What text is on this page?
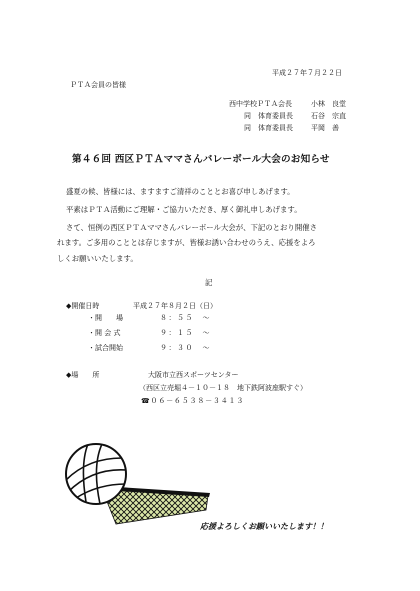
平成２７年７月２２日
ＰＴＡ会員の皆様
西中学校ＰＴＡ会長	小林　良堂
同　体育委員長	石谷　宗直
同　体育委員長	平岡　善
第４６回 西区ＰＴＡママさんバレーボール大会のお知らせ
盛夏の候、皆様には、ますますご清祥のこととお喜び申しあげます。
平素はＰＴＡ活動にご理解・ご協力いただき、厚く御礼申しあげます。
さて、恒例の西区ＰＴＡママさんバレーボール大会が、下記のとおり開催さ
れます。ご多用のこととは存じますが、皆様お誘い合わせのうえ、応援をよろ
しくお願いいたします。
記
◆開催日時	平成２７年８月２日（日）
・開　　場	８：５５　～
・開 会 式	９：１５　～
・試合開始	９：３０　～
◆場　　所	大阪市立西スポーツセンター
（西区立売堀４－１０－１８　地下鉄阿波座駅すぐ）
☎０６－６５３８－３４１３
応援よろしくお願いいたします！！
